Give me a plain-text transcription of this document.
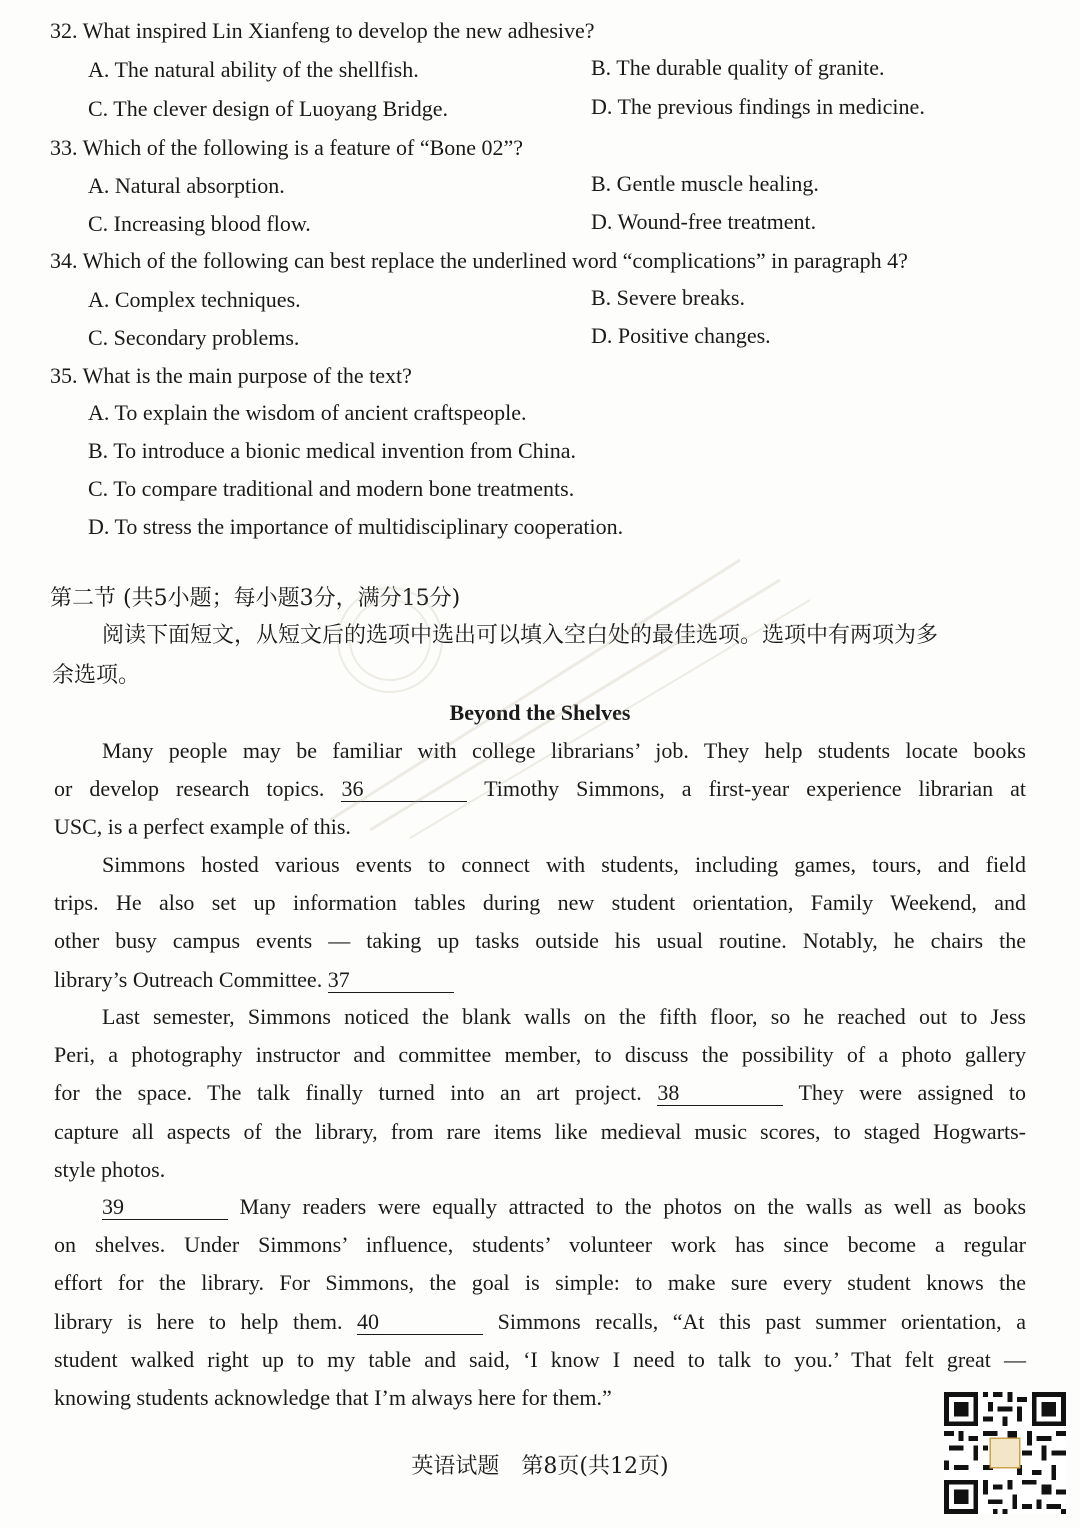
32. What inspired Lin Xianfeng to develop the new adhesive?
A. The natural ability of the shellfish.	B. The durable quality of granite.
C. The clever design of Luoyang Bridge.	D. The previous findings in medicine.
33. Which of the following is a feature of “Bone 02”?
A. Natural absorption.	B. Gentle muscle healing.
C. Increasing blood flow.	D. Wound-free treatment.
34. Which of the following can best replace the underlined word “complications” in paragraph 4?
A. Complex techniques.	B. Severe breaks.
C. Secondary problems.	D. Positive changes.
35. What is the main purpose of the text?
A. To explain the wisdom of ancient craftspeople.
B. To introduce a bionic medical invention from China.
C. To compare traditional and modern bone treatments.
D. To stress the importance of multidisciplinary cooperation.
第二节 (共5小题；每小题3分，满分15分)
阅读下面短文，从短文后的选项中选出可以填入空白处的最佳选项。选项中有两项为多
余选项。
Beyond the Shelves
Many people may be familiar with college librarians’ job. They help students locate books
or develop research topics. 36	Timothy Simmons, a first-year experience librarian at
USC, is a perfect example of this.
Simmons hosted various events to connect with students, including games, tours, and field
trips. He also set up information tables during new student orientation, Family Weekend, and
other busy campus events — taking up tasks outside his usual routine. Notably, he chairs the
library’s Outreach Committee. 37
Last semester, Simmons noticed the blank walls on the fifth floor, so he reached out to Jess
Peri, a photography instructor and committee member, to discuss the possibility of a photo gallery
for the space. The talk finally turned into an art project. 38	They were assigned to
capture all aspects of the library, from rare items like medieval music scores, to staged Hogwarts-
style photos.
39	Many readers were equally attracted to the photos on the walls as well as books
on shelves. Under Simmons’ influence, students’ volunteer work has since become a regular
effort for the library. For Simmons, the goal is simple: to make sure every student knows the
library is here to help them. 40	Simmons recalls, “At this past summer orientation, a
student walked right up to my table and said, ‘I know I need to talk to you.’ That felt great —
knowing students acknowledge that I’m always here for them.”
英语试题　第8页(共12页)
